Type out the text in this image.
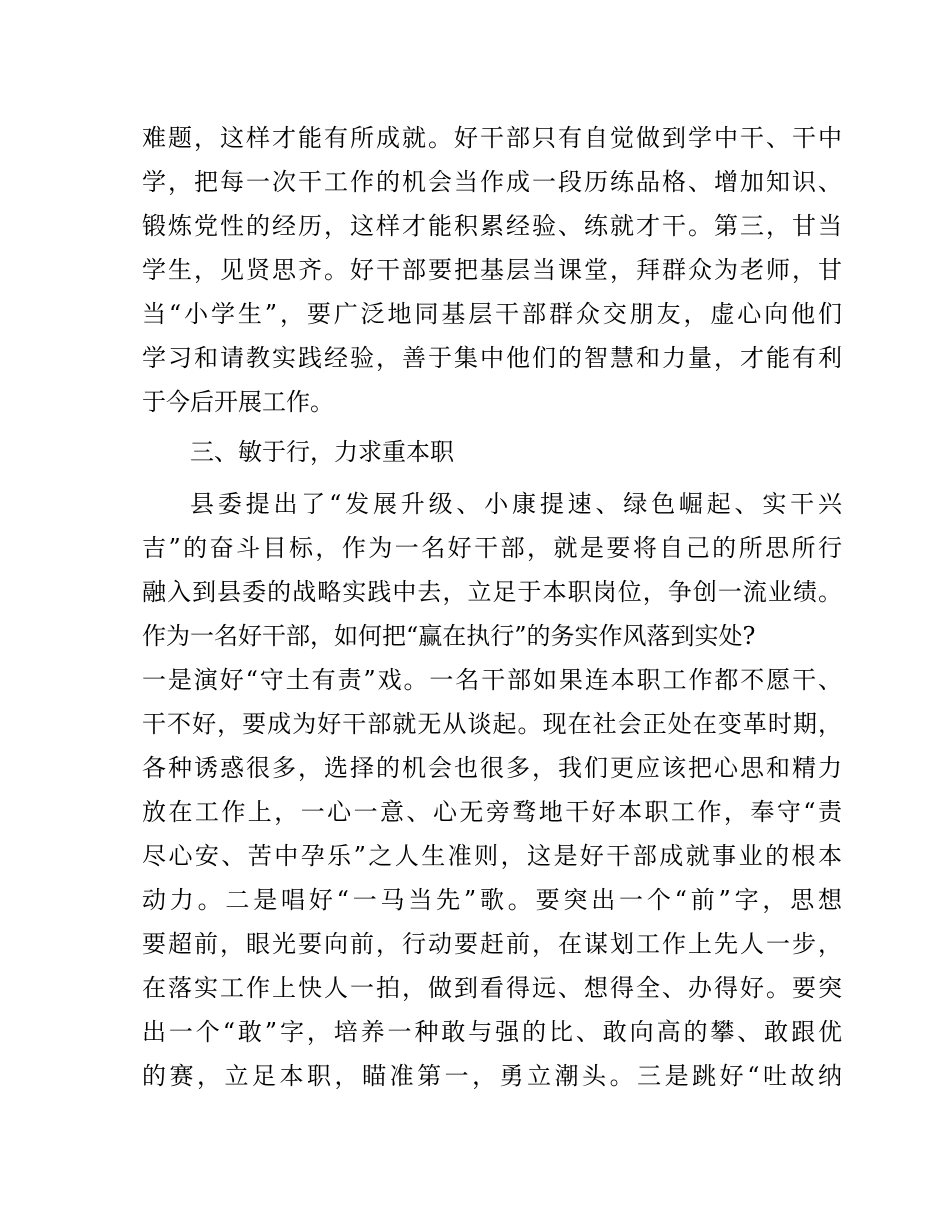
难题，这样才能有所成就。好干部只有自觉做到学中干、干中
学，把每一次干工作的机会当作成一段历练品格、增加知识、
锻炼党性的经历，这样才能积累经验、练就才干。第三，甘当
学生，见贤思齐。好干部要把基层当课堂，拜群众为老师，甘
当“小学生”，要广泛地同基层干部群众交朋友，虚心向他们
学习和请教实践经验，善于集中他们的智慧和力量，才能有利
于今后开展工作。
三、敏于行，力求重本职
县委提出了“发展升级、小康提速、绿色崛起、实干兴
吉”的奋斗目标，作为一名好干部，就是要将自己的所思所行
融入到县委的战略实践中去，立足于本职岗位，争创一流业绩。
作为一名好干部，如何把“赢在执行”的务实作风落到实处?
一是演好“守土有责”戏。一名干部如果连本职工作都不愿干、
干不好，要成为好干部就无从谈起。现在社会正处在变革时期，
各种诱惑很多，选择的机会也很多，我们更应该把心思和精力
放在工作上，一心一意、心无旁骛地干好本职工作，奉守“责
尽心安、苦中孕乐”之人生准则，这是好干部成就事业的根本
动力。二是唱好“一马当先”歌。要突出一个“前”字，思想
要超前，眼光要向前，行动要赶前，在谋划工作上先人一步，
在落实工作上快人一拍，做到看得远、想得全、办得好。要突
出一个“敢”字，培养一种敢与强的比、敢向高的攀、敢跟优
的赛，立足本职，瞄准第一，勇立潮头。三是跳好“吐故纳
